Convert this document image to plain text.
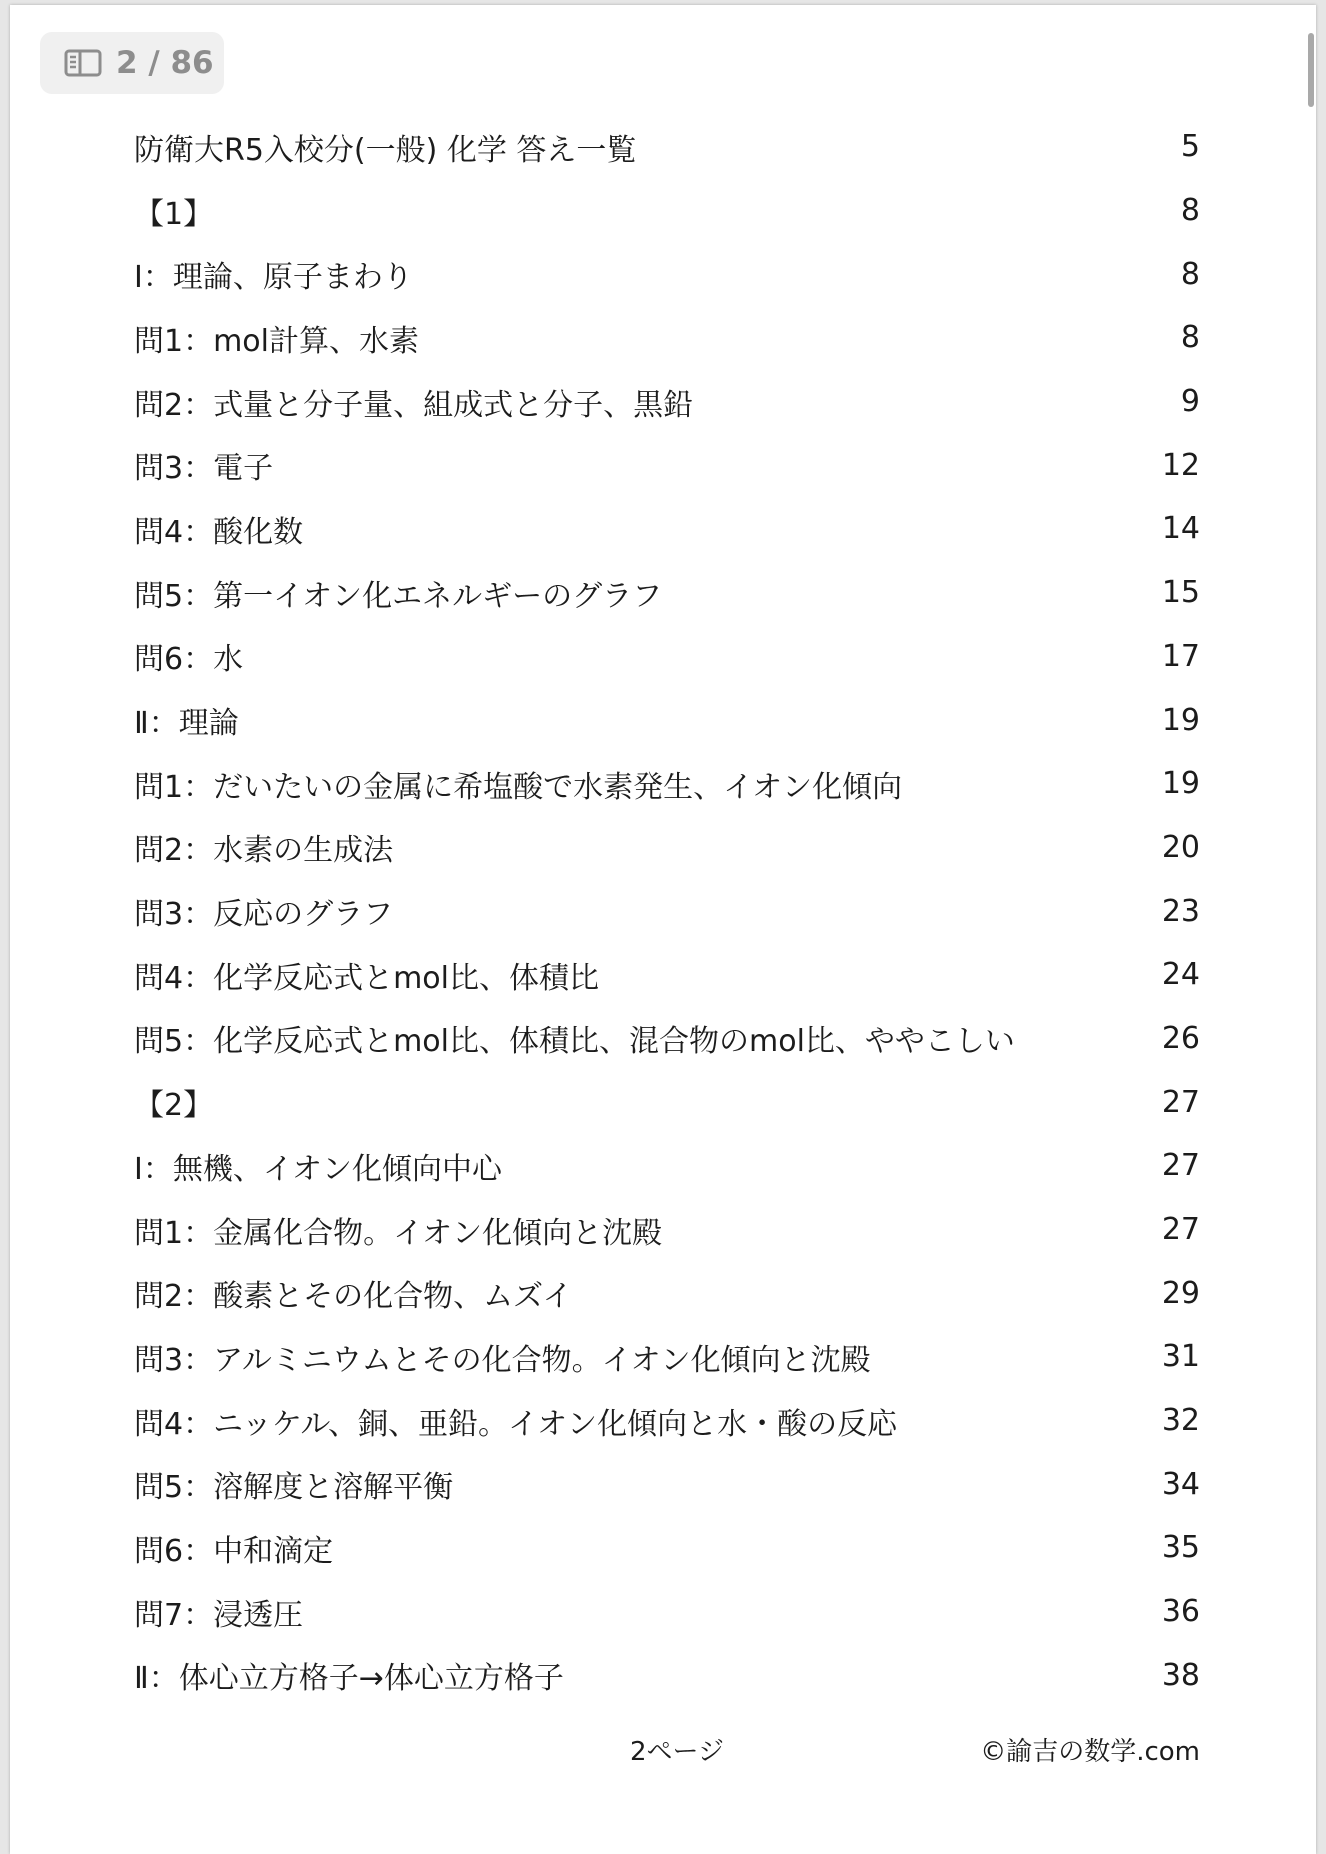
2 / 86
防衛大R5入校分(一般) 化学 答え一覧	5
【1】	8
Ⅰ：理論、原子まわり	8
問1：mol計算、水素	8
問2：式量と分子量、組成式と分子、黒鉛	9
問3：電子	12
問4：酸化数	14
問5：第一イオン化エネルギーのグラフ	15
問6：水	17
Ⅱ：理論	19
問1：だいたいの金属に希塩酸で水素発生、イオン化傾向	19
問2：水素の生成法	20
問3：反応のグラフ	23
問4：化学反応式とmol比、体積比	24
問5：化学反応式とmol比、体積比、混合物のmol比、ややこしい	26
【2】	27
Ⅰ：無機、イオン化傾向中心	27
問1：金属化合物。イオン化傾向と沈殿	27
問2：酸素とその化合物、ムズイ	29
問3：アルミニウムとその化合物。イオン化傾向と沈殿	31
問4：ニッケル、銅、亜鉛。イオン化傾向と水・酸の反応	32
問5：溶解度と溶解平衡	34
問6：中和滴定	35
問7：浸透圧	36
Ⅱ：体心立方格子→体心立方格子	38
2ページ	©諭吉の数学.com
